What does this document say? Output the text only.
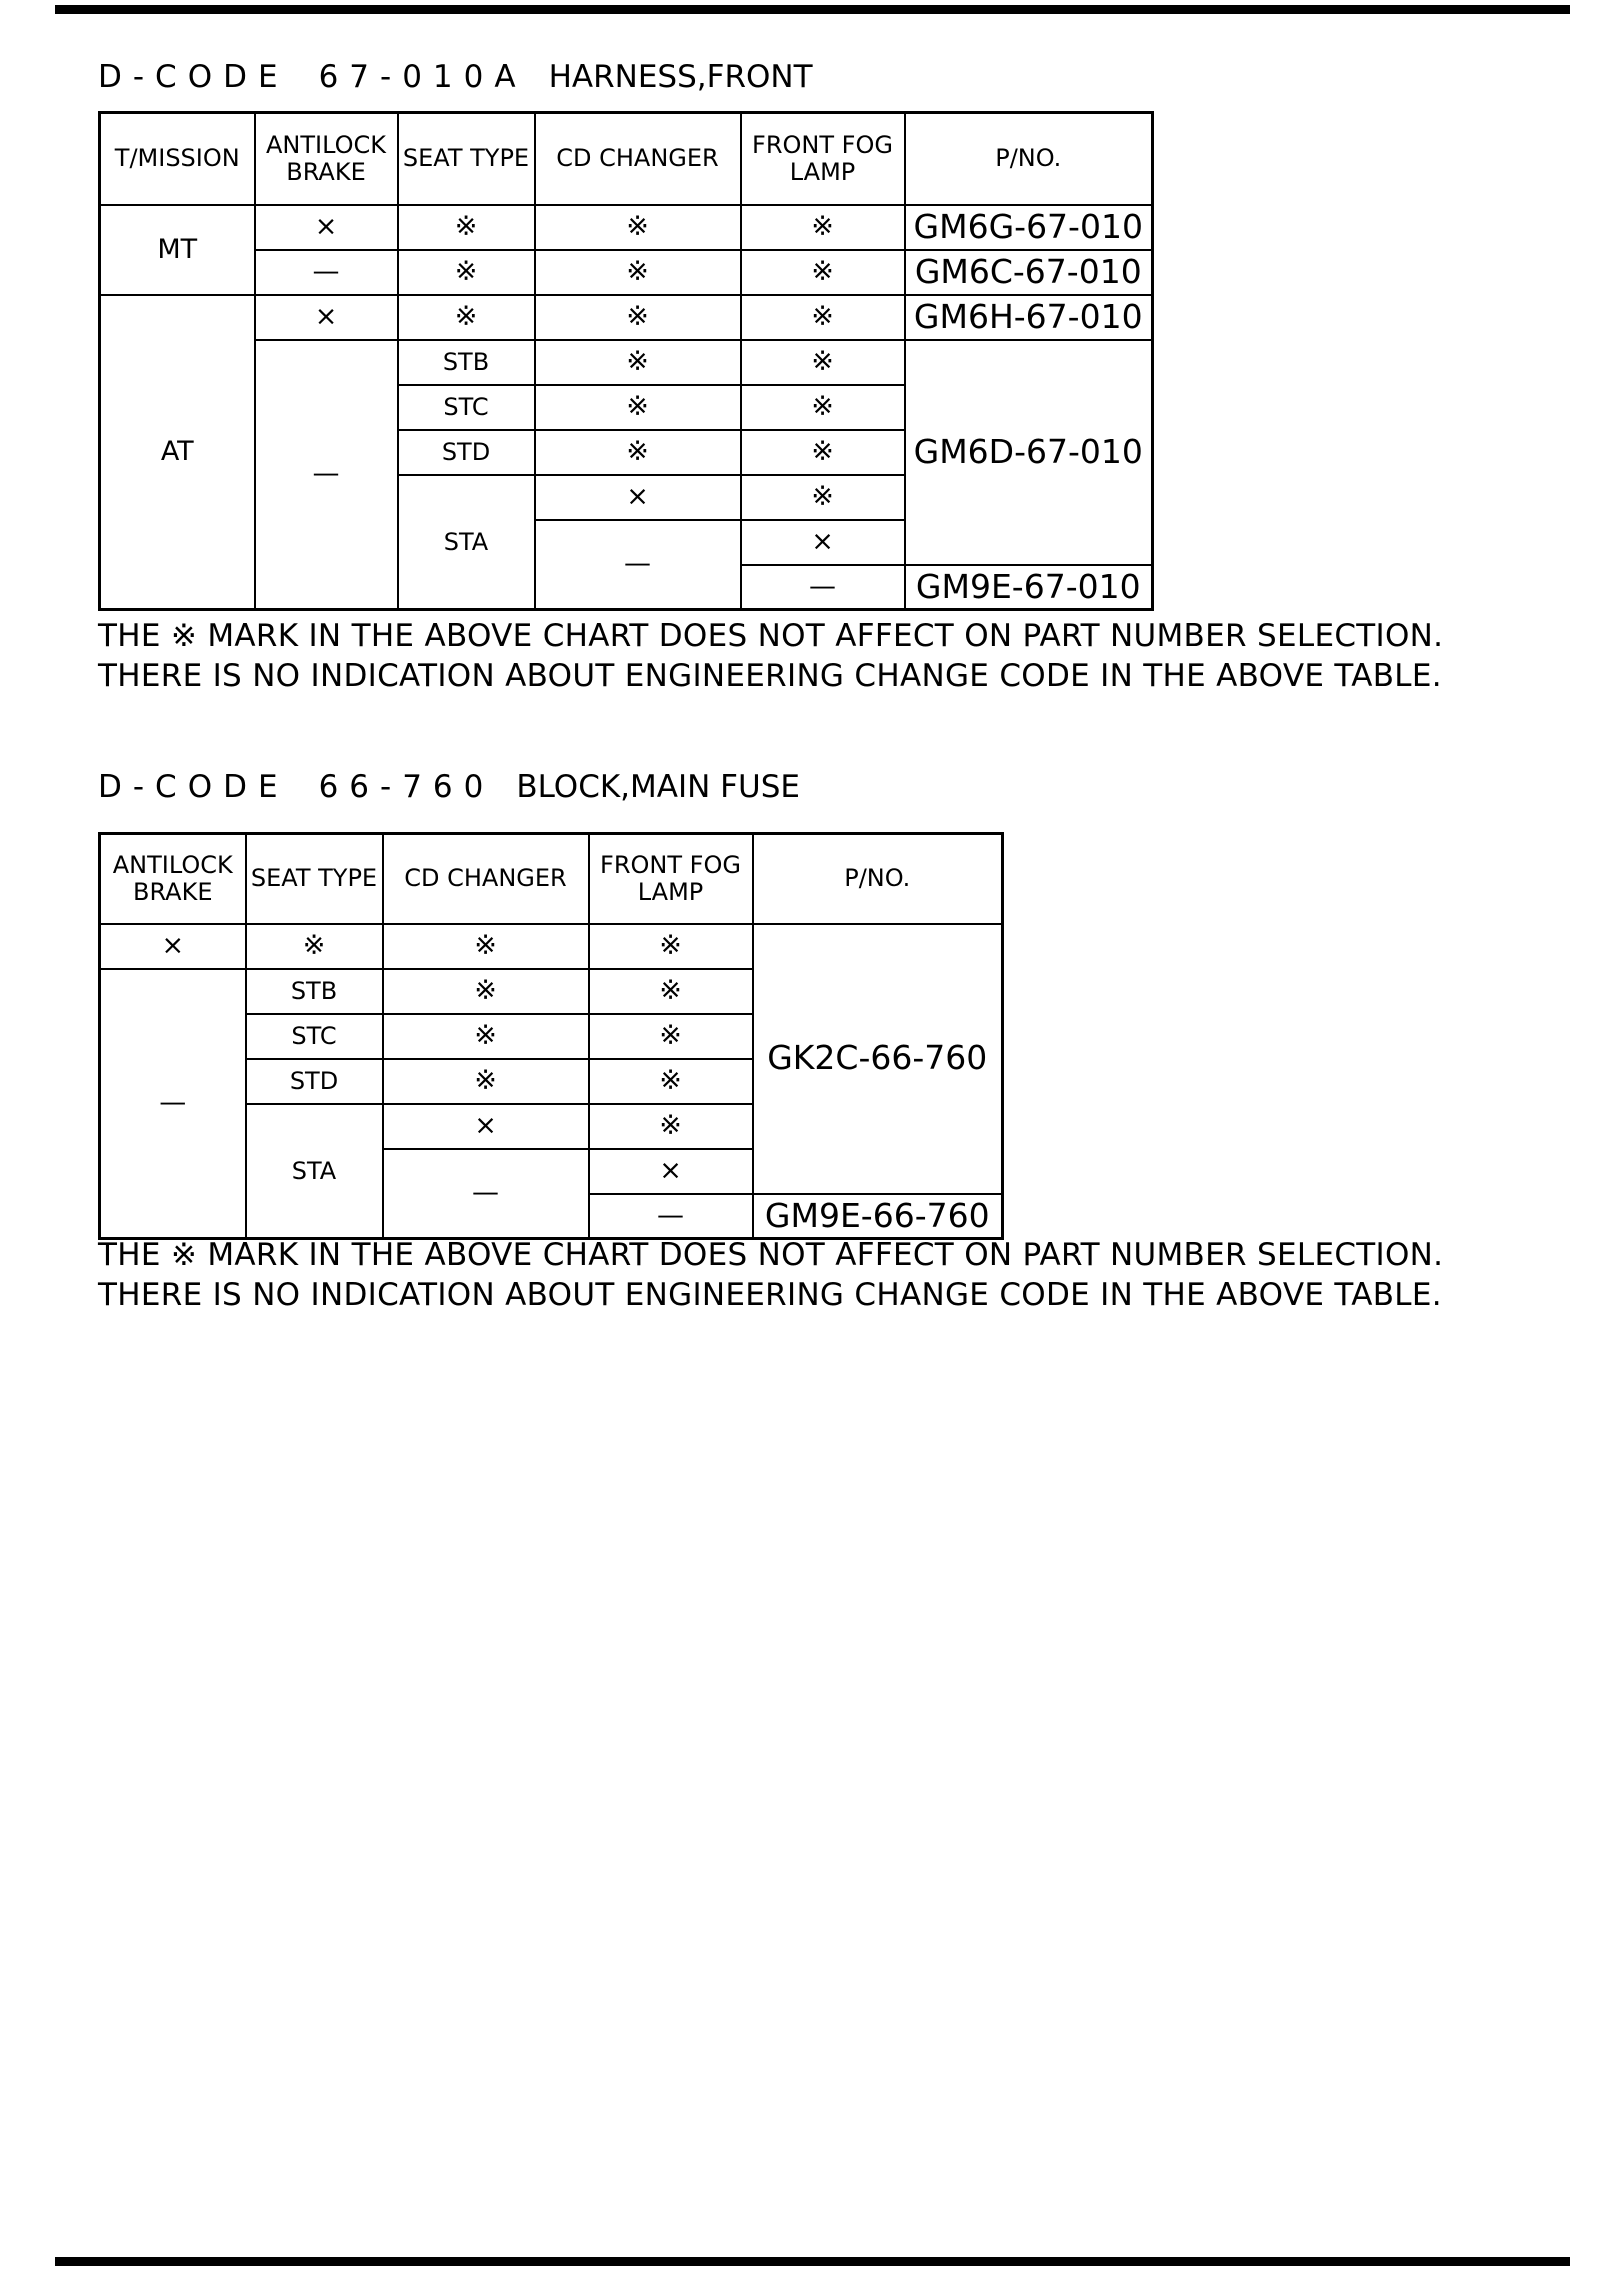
D-CODE 67-010A HARNESS,FRONT
T/MISSION	ANTILOCK BRAKE	SEAT TYPE	CD CHANGER	FRONT FOG LAMP	P/NO.
MT	×	※	※	※	GM6G-67-010
	—	※	※	※	GM6C-67-010
AT	×	※	※	※	GM6H-67-010
	—	STB	※	※	GM6D-67-010
		STC	※	※	
		STD	※	※	
		STA	×	※	
			—	×	
				—	GM9E-67-010
THE ※ MARK IN THE ABOVE CHART DOES NOT AFFECT ON PART NUMBER SELECTION.
THERE IS NO INDICATION ABOUT ENGINEERING CHANGE CODE IN THE ABOVE TABLE.
D-CODE 66-760 BLOCK,MAIN FUSE
ANTILOCK BRAKE	SEAT TYPE	CD CHANGER	FRONT FOG LAMP	P/NO.
×	※	※	※	GK2C-66-760
—	STB	※	※	
	STC	※	※	
	STD	※	※	
	STA	×	※	
		—	×	
			—	GM9E-66-760
THE ※ MARK IN THE ABOVE CHART DOES NOT AFFECT ON PART NUMBER SELECTION.
THERE IS NO INDICATION ABOUT ENGINEERING CHANGE CODE IN THE ABOVE TABLE.
